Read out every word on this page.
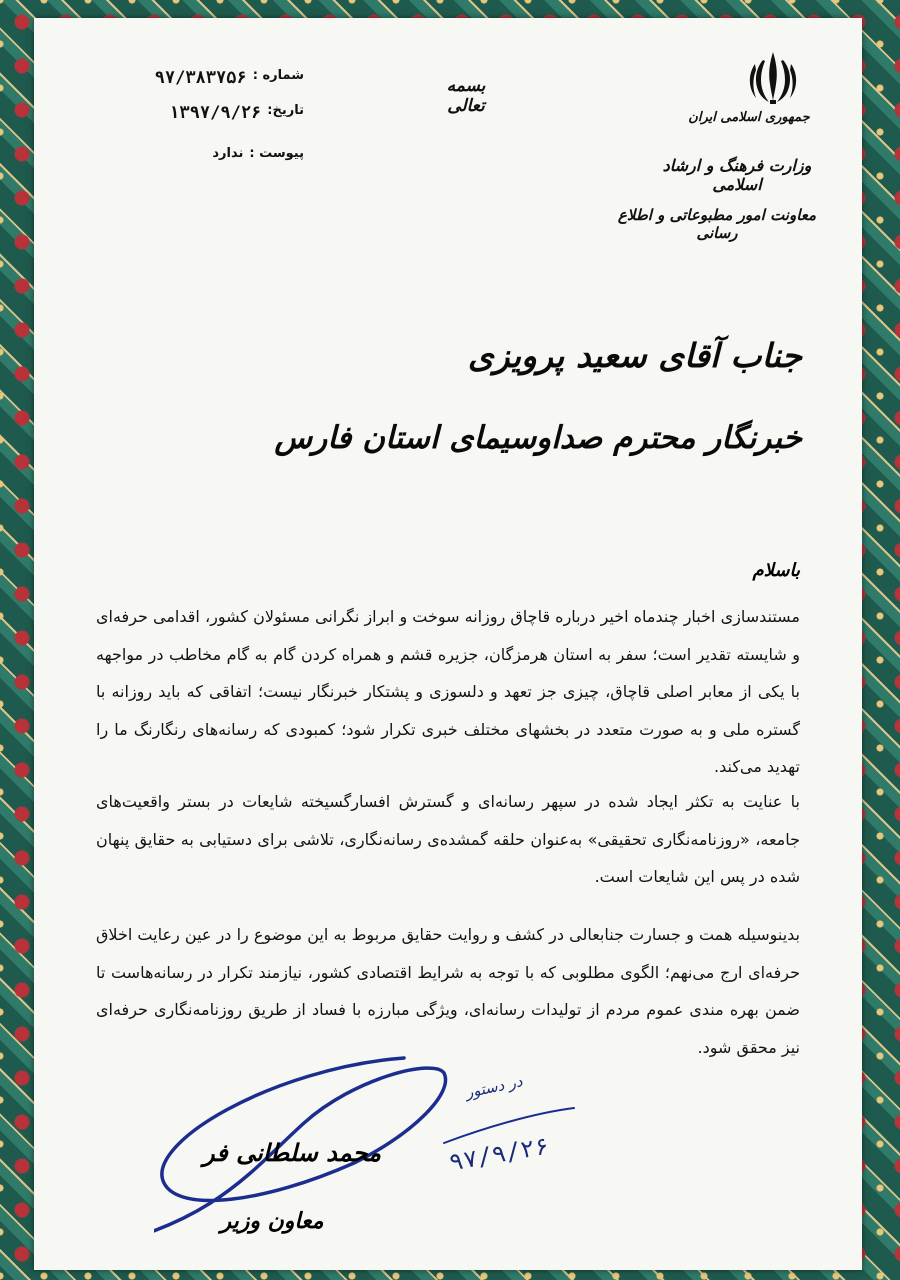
جمهوری اسلامی ایران
وزارت فرهنگ و ارشاد اسلامی
معاونت امور مطبوعاتی و اطلاع رسانی
بسمه تعالی
شماره :
۹۷/۳۸۳۷۵۶
تاریخ:
۱۳۹۷/۹/۲۶
پیوست :
ندارد
جناب آقای سعید پرویزی
خبرنگار محترم صداوسیمای استان فارس
باسلام
مستندسازی اخبار چندماه اخیر درباره قاچاق روزانه سوخت و ابراز نگرانی مسئولان کشور، اقدامی حرفه‌ای و شایسته تقدیر است؛ سفر به استان هرمزگان، جزیره قشم و همراه کردن گام به گام مخاطب در مواجهه با یکی از معابر اصلی قاچاق، چیزی جز تعهد و دلسوزی و پشتکار خبرنگار نیست؛ اتفاقی که باید روزانه با گستره ملی و به صورت متعدد در بخشهای مختلف خبری تکرار شود؛ کمبودی که رسانه‌های رنگارنگ ما را تهدید می‌کند.
با عنایت به تکثر ایجاد شده در سپهر رسانه‌ای و گسترش افسارگسیخته شایعات در بستر واقعیت‌های جامعه، «روزنامه‌نگاری تحقیقی» به‌عنوان حلقه گمشده‌ی رسانه‌نگاری، تلاشی برای دستیابی به حقایق پنهان شده در پس این شایعات است.
بدینوسیله همت و جسارت جنابعالی در کشف و روایت حقایق مربوط به این موضوع را در عین رعایت اخلاق حرفه‌ای ارج می‌نهم؛ الگوی مطلوبی که با توجه به شرایط اقتصادی کشور، نیازمند تکرار در رسانه‌هاست تا ضمن بهره مندی عموم مردم از تولیدات رسانه‌ای، ویژگی مبارزه با فساد از طریق روزنامه‌نگاری حرفه‌ای نیز محقق شود.
در دستور
۹۷/۹/۲۶
محمد سلطانی فر
معاون وزیر
